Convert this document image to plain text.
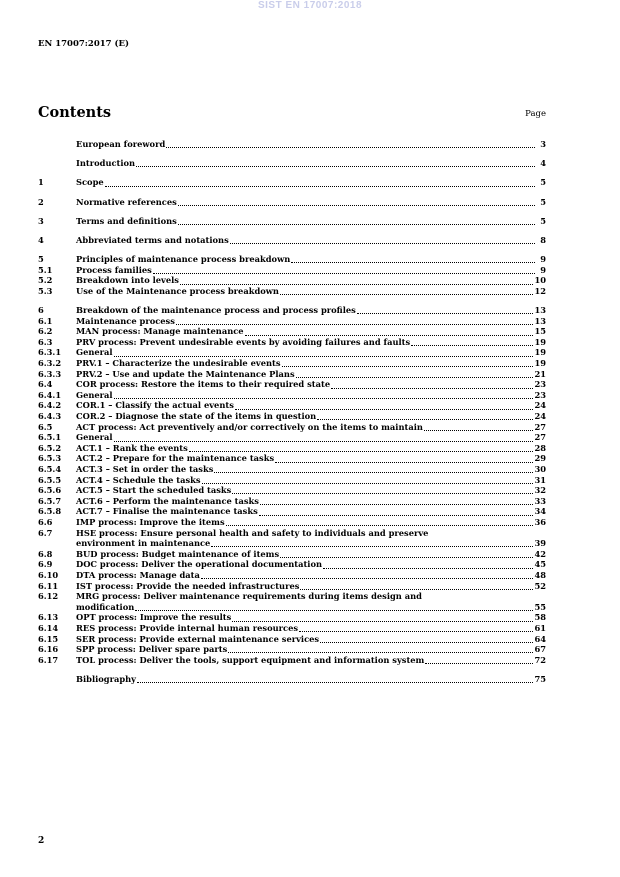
SIST EN 17007:2018
EN 17007:2017 (E)
Contents	Page
European foreword	3
Introduction	4
1	Scope	5
2	Normative references	5
3	Terms and definitions	5
4	Abbreviated terms and notations	8
5	Principles of maintenance process breakdown	9
5.1	Process families	9
5.2	Breakdown into levels	10
5.3	Use of the Maintenance process breakdown	12
6	Breakdown of the maintenance process and process profiles	13
6.1	Maintenance process	13
6.2	MAN process: Manage maintenance	15
6.3	PRV process: Prevent undesirable events by avoiding failures and faults	19
6.3.1	General	19
6.3.2	PRV.1 – Characterize the undesirable events	19
6.3.3	PRV.2 – Use and update the Maintenance Plans	21
6.4	COR process: Restore the items to their required state	23
6.4.1	General	23
6.4.2	COR.1 – Classify the actual events	24
6.4.3	COR.2 – Diagnose the state of the items in question	24
6.5	ACT process: Act preventively and/or correctively on the items to maintain	27
6.5.1	General	27
6.5.2	ACT.1 – Rank the events	28
6.5.3	ACT.2 – Prepare for the maintenance tasks	29
6.5.4	ACT.3 – Set in order the tasks	30
6.5.5	ACT.4 – Schedule the tasks	31
6.5.6	ACT.5 – Start the scheduled tasks	32
6.5.7	ACT.6 – Perform the maintenance tasks	33
6.5.8	ACT.7 – Finalise the maintenance tasks	34
6.6	IMP process: Improve the items	36
6.7	HSE process: Ensure personal health and safety to individuals and preserve
environment in maintenance	39
6.8	BUD process: Budget maintenance of items	42
6.9	DOC process: Deliver the operational documentation	45
6.10	DTA process: Manage data	48
6.11	IST process: Provide the needed infrastructures	52
6.12	MRG process: Deliver maintenance requirements during items design and
modification	55
6.13	OPT process: Improve the results	58
6.14	RES process: Provide internal human resources	61
6.15	SER process: Provide external maintenance services	64
6.16	SPP process: Deliver spare parts	67
6.17	TOL process: Deliver the tools, support equipment and information system	72
Bibliography	75
2
